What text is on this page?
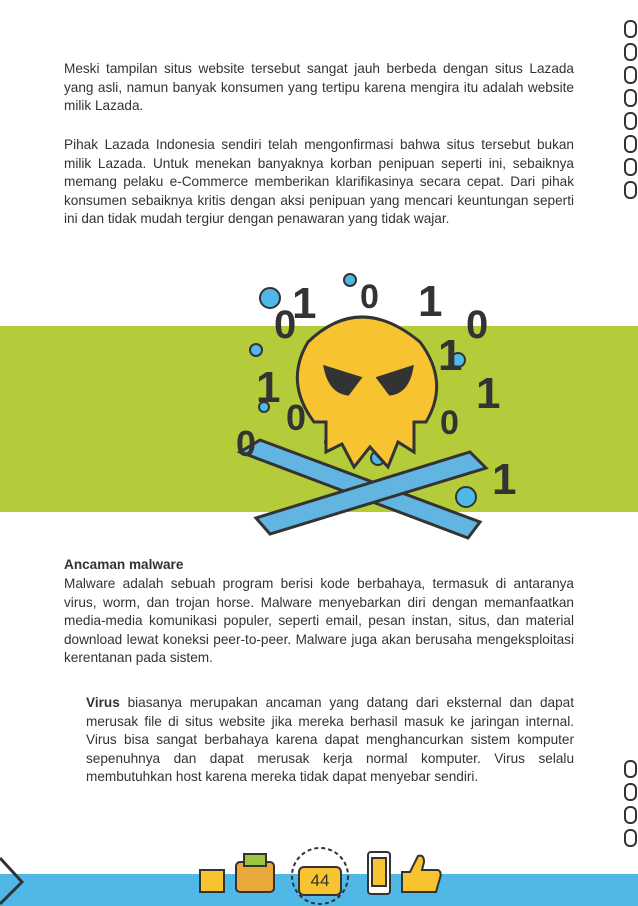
Meski tampilan situs website tersebut sangat jauh berbeda dengan situs Lazada yang asli, namun banyak konsumen yang tertipu karena mengira itu adalah website milik Lazada.

Pihak Lazada Indonesia sendiri telah mengonfirmasi bahwa situs tersebut bukan milik Lazada. Untuk menekan banyaknya korban penipuan seperti ini, sebaiknya memang pelaku e-Commerce memberikan klarifikasinya secara cepat. Dari pihak konsumen sebaiknya kritis dengan aksi penipuan yang mencari keuntungan seperti ini dan tidak mudah tergiur dengan penawaran yang tidak wajar.

1 0 1
0
1
0
1
0	1
0
0
1

Ancaman malware

Malware adalah sebuah program berisi kode berbahaya, termasuk di antaranya virus, worm, dan trojan horse. Malware menyebarkan diri dengan memanfaatkan media-media komunikasi populer, seperti email, pesan instan, situs, dan material download lewat koneksi peer-to-peer. Malware juga akan berusaha mengeksploitasi kerentanan pada sistem.

Virus biasanya merupakan ancaman yang datang dari eksternal dan dapat merusak file di situs website jika mereka berhasil masuk ke jaringan internal. Virus bisa sangat berbahaya karena dapat menghancurkan sistem komputer sepenuhnya dan dapat merusak kerja normal komputer. Virus selalu membutuhkan host karena mereka tidak dapat menyebar sendiri.

44
